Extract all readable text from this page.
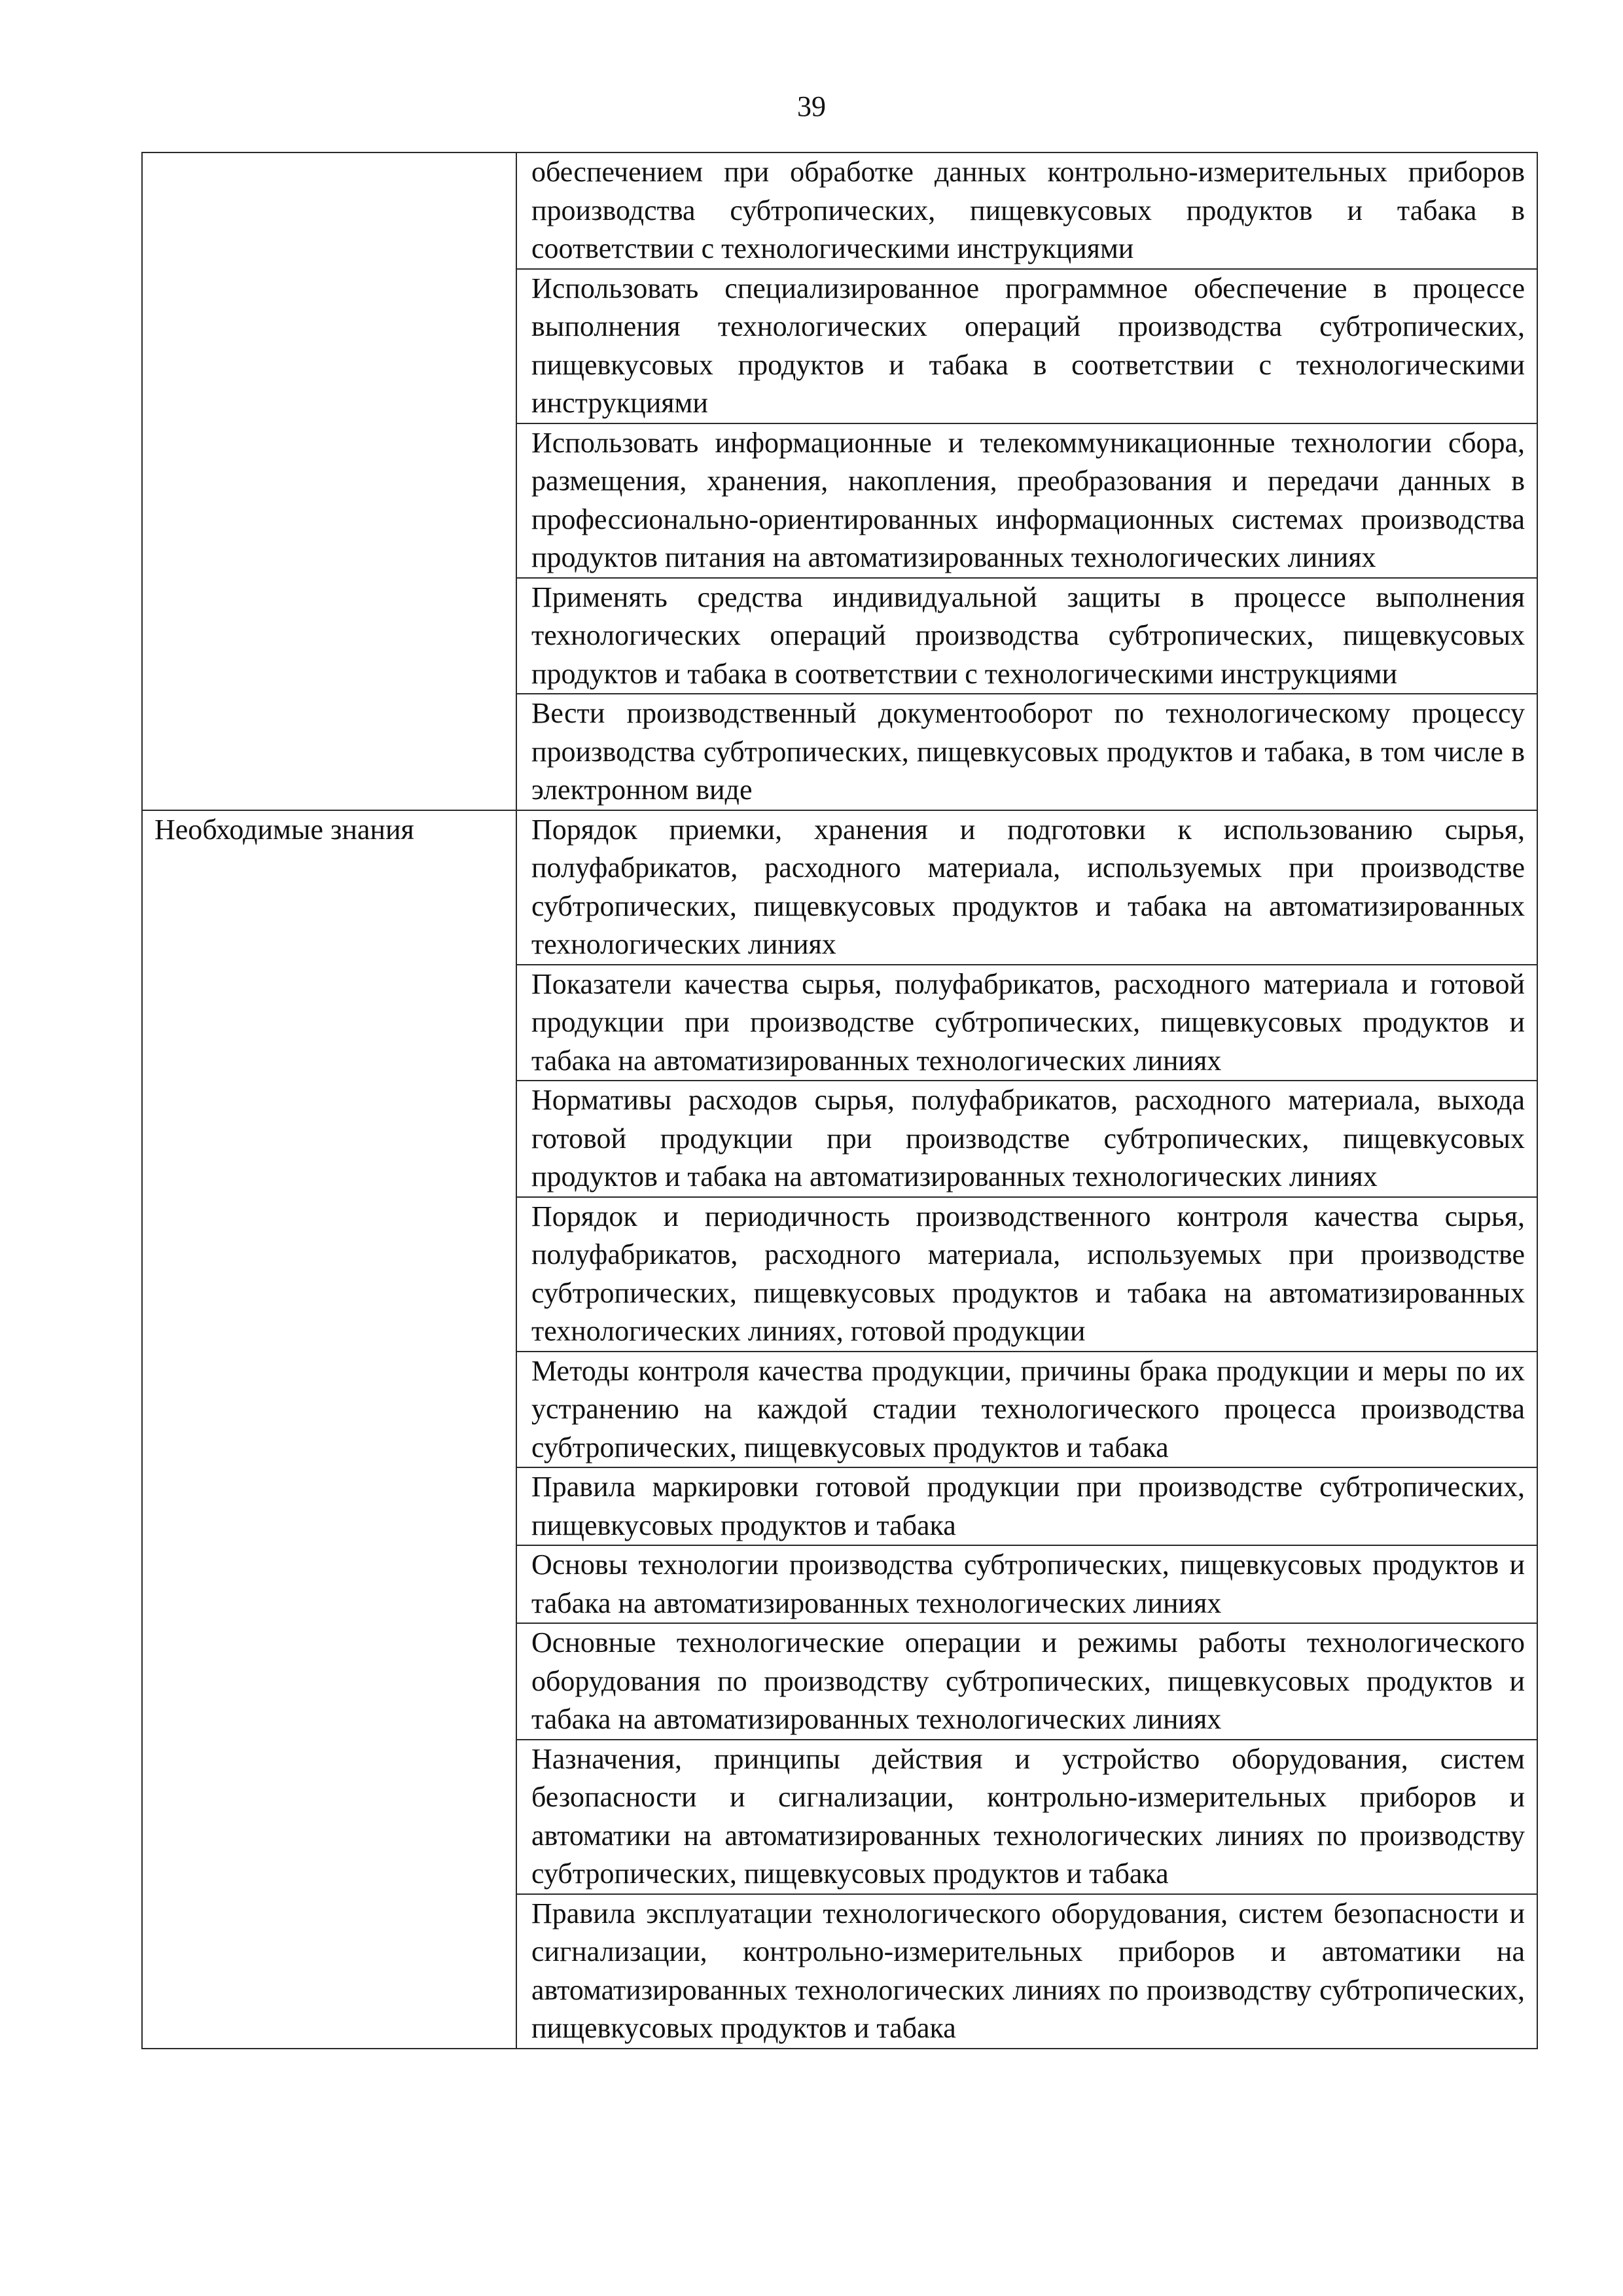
39
	обеспечением при обработке данных контрольно-измерительных приборов производства субтропических, пищевкусовых продуктов и табака в соответствии с технологическими инструкциями
	Использовать специализированное программное обеспечение в процессе выполнения технологических операций производства субтропических, пищевкусовых продуктов и табака в соответствии с технологическими инструкциями
	Использовать информационные и телекоммуникационные технологии сбора, размещения, хранения, накопления, преобразования и передачи данных в профессионально-ориентированных информационных системах производства продуктов питания на автоматизированных технологических линиях
	Применять средства индивидуальной защиты в процессе выполнения технологических операций производства субтропических, пищевкусовых продуктов и табака в соответствии с технологическими инструкциями
	Вести производственный документооборот по технологическому процессу производства субтропических, пищевкусовых продуктов и табака, в том числе в электронном виде
Необходимые знания	Порядок приемки, хранения и подготовки к использованию сырья, полуфабрикатов, расходного материала, используемых при производстве субтропических, пищевкусовых продуктов и табака на автоматизированных технологических линиях
	Показатели качества сырья, полуфабрикатов, расходного материала и готовой продукции при производстве субтропических, пищевкусовых продуктов и табака на автоматизированных технологических линиях
	Нормативы расходов сырья, полуфабрикатов, расходного материала, выхода готовой продукции при производстве субтропических, пищевкусовых продуктов и табака на автоматизированных технологических линиях
	Порядок и периодичность производственного контроля качества сырья, полуфабрикатов, расходного материала, используемых при производстве субтропических, пищевкусовых продуктов и табака на автоматизированных технологических линиях, готовой продукции
	Методы контроля качества продукции, причины брака продукции и меры по их устранению на каждой стадии технологического процесса производства субтропических, пищевкусовых продуктов и табака
	Правила маркировки готовой продукции при производстве субтропических, пищевкусовых продуктов и табака
	Основы технологии производства субтропических, пищевкусовых продуктов и табака на автоматизированных технологических линиях
	Основные технологические операции и режимы работы технологического оборудования по производству субтропических, пищевкусовых продуктов и табака на автоматизированных технологических линиях
	Назначения, принципы действия и устройство оборудования, систем безопасности и сигнализации, контрольно-измерительных приборов и автоматики на автоматизированных технологических линиях по производству субтропических, пищевкусовых продуктов и табака
	Правила эксплуатации технологического оборудования, систем безопасности и сигнализации, контрольно-измерительных приборов и автоматики на автоматизированных технологических линиях по производству субтропических, пищевкусовых продуктов и табака
